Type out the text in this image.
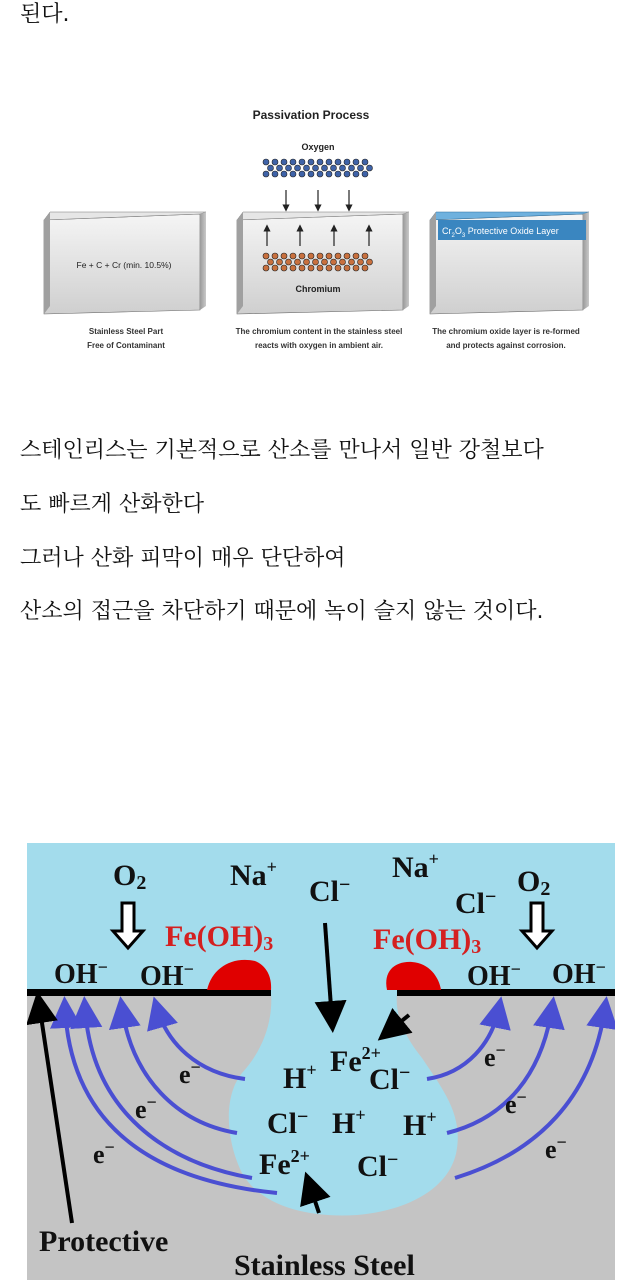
된다.
Passivation Process
Oxygen
Fe + C + Cr (min. 10.5%)
Chromium
$Cr_2O_3$ Protective Oxide Layer
Stainless Steel Part
Free of Contaminant
The chromium content in the stainless steel
reacts with oxygen in ambient air.
The chromium oxide layer is re-formed
and protects against corrosion.
스테인리스는 기본적으로 산소를 만나서 일반 강철보다
도 빠르게 산화한다
그러나 산화 피막이 매우 단단하여
산소의 접근을 차단하기 때문에 녹이 슬지 않는 것이다.
O2	O2
Na+	Na+
Cl−
Cl−
OH− OH−	OH− OH−
Fe(OH)3	Fe(OH)3
$Fe^{2+}$
H+ Cl−
Cl− H+ H+
$Fe^{2+}$ Cl−
e−
e−
e−
e−
e−
e−
Protective
Stainless Steel
